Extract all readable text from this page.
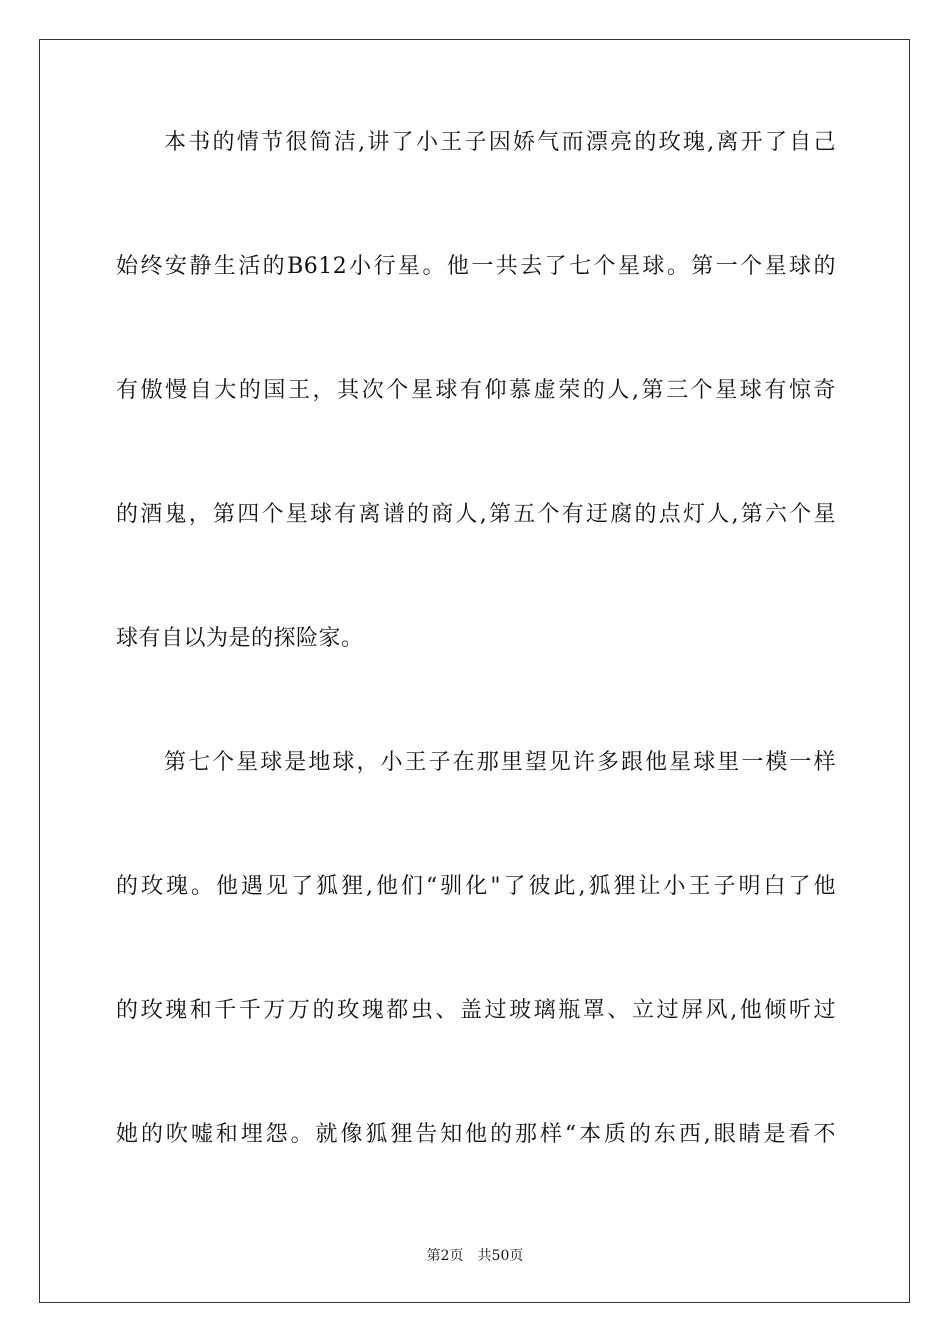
本书的情节很简洁,讲了小王子因娇气而漂亮的玫瑰,离开了自己
始终安静生活的B612小行星。他一共去了七个星球。第一个星球的
有傲慢自大的国王，其次个星球有仰慕虚荣的人,第三个星球有惊奇
的酒鬼，第四个星球有离谱的商人,第五个有迂腐的点灯人,第六个星
球有自以为是的探险家。
第七个星球是地球，小王子在那里望见许多跟他星球里一模一样
的玫瑰。他遇见了狐狸,他们“驯化"了彼此,狐狸让小王子明白了他
的玫瑰和千千万万的玫瑰都虫、盖过玻璃瓶罩、立过屏风,他倾听过
她的吹嘘和埋怨。就像狐狸告知他的那样“本质的东西,眼睛是看不
第2页 共50页
